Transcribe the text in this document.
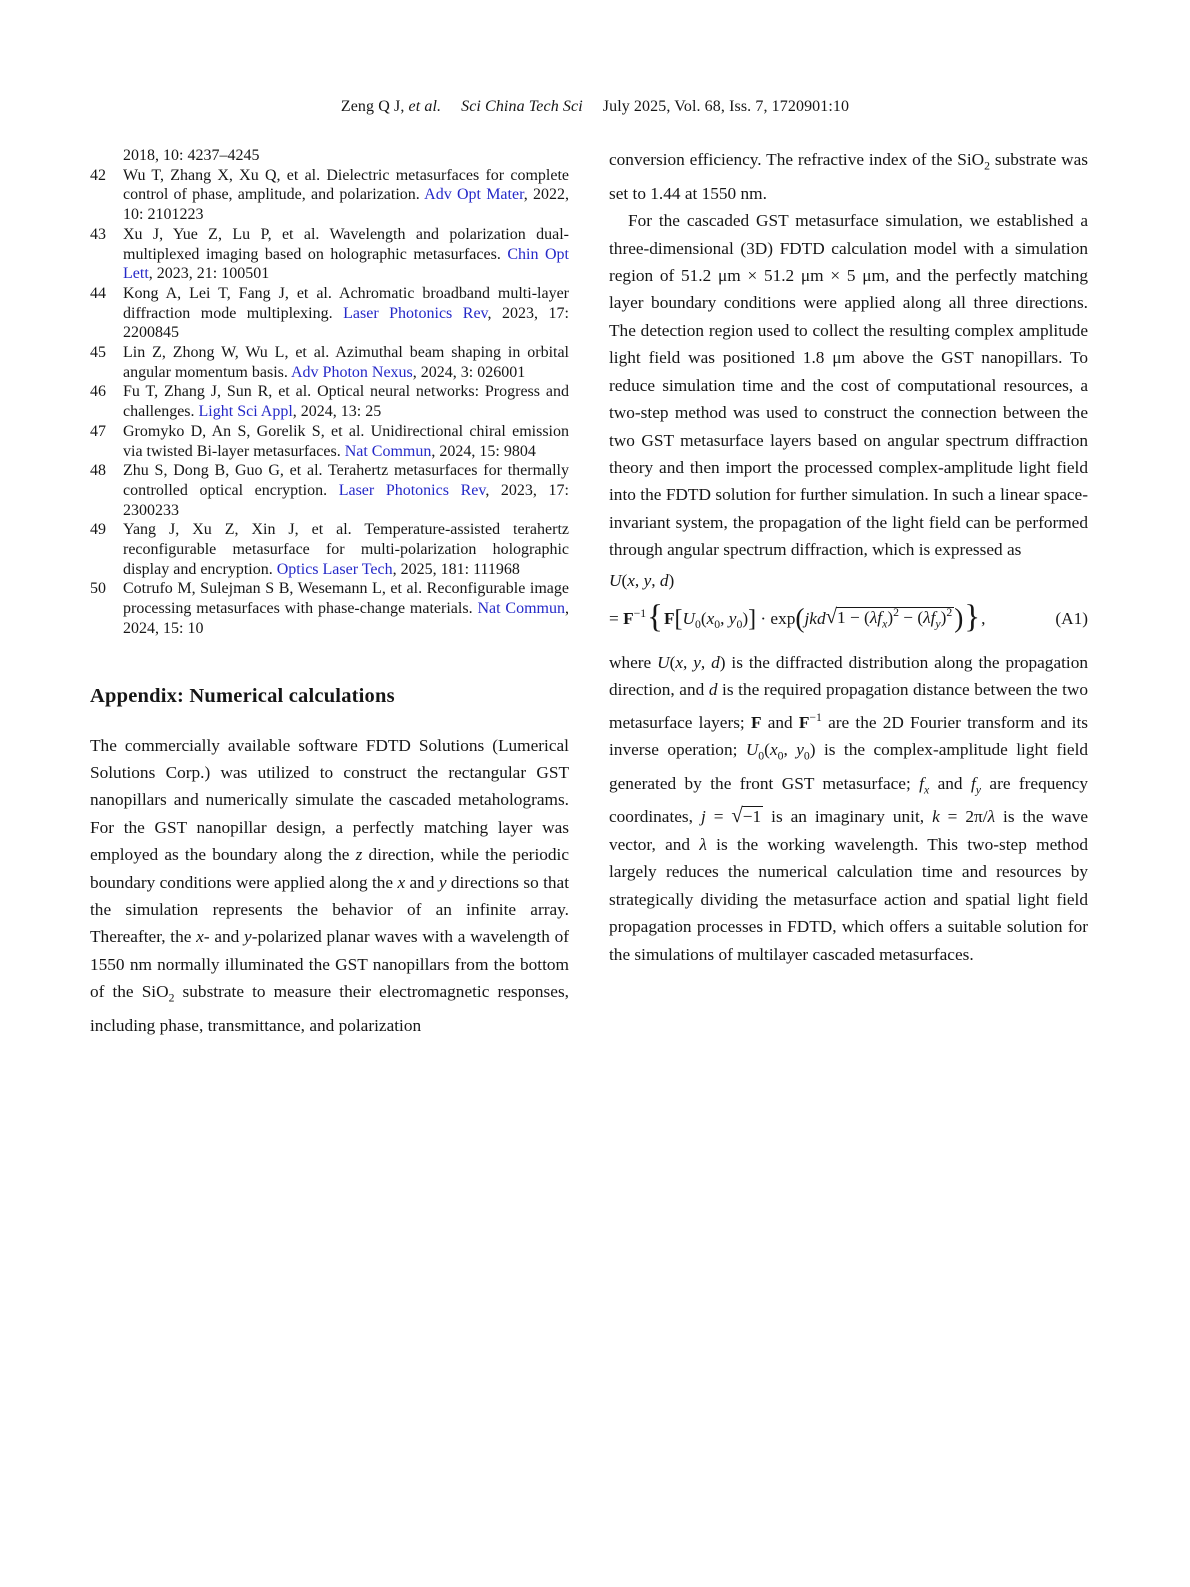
Zeng Q J, et al. Sci China Tech Sci July 2025, Vol. 68, Iss. 7, 1720901:10
2018, 10: 4237–4245
42	Wu T, Zhang X, Xu Q, et al. Dielectric metasurfaces for complete control of phase, amplitude, and polarization. Adv Opt Mater, 2022, 10: 2101223
43	Xu J, Yue Z, Lu P, et al. Wavelength and polarization dual-multiplexed imaging based on holographic metasurfaces. Chin Opt Lett, 2023, 21: 100501
44	Kong A, Lei T, Fang J, et al. Achromatic broadband multi-layer diffraction mode multiplexing. Laser Photonics Rev, 2023, 17: 2200845
45	Lin Z, Zhong W, Wu L, et al. Azimuthal beam shaping in orbital angular momentum basis. Adv Photon Nexus, 2024, 3: 026001
46	Fu T, Zhang J, Sun R, et al. Optical neural networks: Progress and challenges. Light Sci Appl, 2024, 13: 25
47	Gromyko D, An S, Gorelik S, et al. Unidirectional chiral emission via twisted Bi-layer metasurfaces. Nat Commun, 2024, 15: 9804
48	Zhu S, Dong B, Guo G, et al. Terahertz metasurfaces for thermally controlled optical encryption. Laser Photonics Rev, 2023, 17: 2300233
49	Yang J, Xu Z, Xin J, et al. Temperature-assisted terahertz reconfigurable metasurface for multi-polarization holographic display and encryption. Optics Laser Tech, 2025, 181: 111968
50	Cotrufo M, Sulejman S B, Wesemann L, et al. Reconfigurable image processing metasurfaces with phase-change materials. Nat Commun, 2024, 15: 10
Appendix: Numerical calculations
The commercially available software FDTD Solutions (Lumerical Solutions Corp.) was utilized to construct the rectangular GST nanopillars and numerically simulate the cascaded metaholograms. For the GST nanopillar design, a perfectly matching layer was employed as the boundary along the z direction, while the periodic boundary conditions were applied along the x and y directions so that the simulation represents the behavior of an infinite array. Thereafter, the x- and y-polarized planar waves with a wavelength of 1550 nm normally illuminated the GST nanopillars from the bottom of the SiO$_2$ substrate to measure their electromagnetic responses, including phase, transmittance, and polarization
conversion efficiency. The refractive index of the SiO$_2$ substrate was set to 1.44 at 1550 nm.
For the cascaded GST metasurface simulation, we established a three-dimensional (3D) FDTD calculation model with a simulation region of 51.2 μm × 51.2 μm × 5 μm, and the perfectly matching layer boundary conditions were applied along all three directions. The detection region used to collect the resulting complex amplitude light field was positioned 1.8 μm above the GST nanopillars. To reduce simulation time and the cost of computational resources, a two-step method was used to construct the connection between the two GST metasurface layers based on angular spectrum diffraction theory and then import the processed complex-amplitude light field into the FDTD solution for further simulation. In such a linear space-invariant system, the propagation of the light field can be performed through angular spectrum diffraction, which is expressed as
U(x, y, d)
= $F^{-1}\{F[U_0(x_0$, $y_0)] \cdot \exp(jkd√1 - (\lambda f_x)^2 - (\lambda f_y)^2)$},	(A1)
where U(x, y, d) is the diffracted distribution along the propagation direction, and d is the required propagation distance between the two metasurface layers; F and $F^{-1}$ are the 2D Fourier transform and its inverse operation; $U_0(x_0$, $y_0$) is the complex-amplitude light field generated by the front GST metasurface; $f_x$ and $f_y$ are frequency coordinates, j = √−1 is an imaginary unit, k = 2π/λ is the wave vector, and λ is the working wavelength. This two-step method largely reduces the numerical calculation time and resources by strategically dividing the metasurface action and spatial light field propagation processes in FDTD, which offers a suitable solution for the simulations of multilayer cascaded metasurfaces.
